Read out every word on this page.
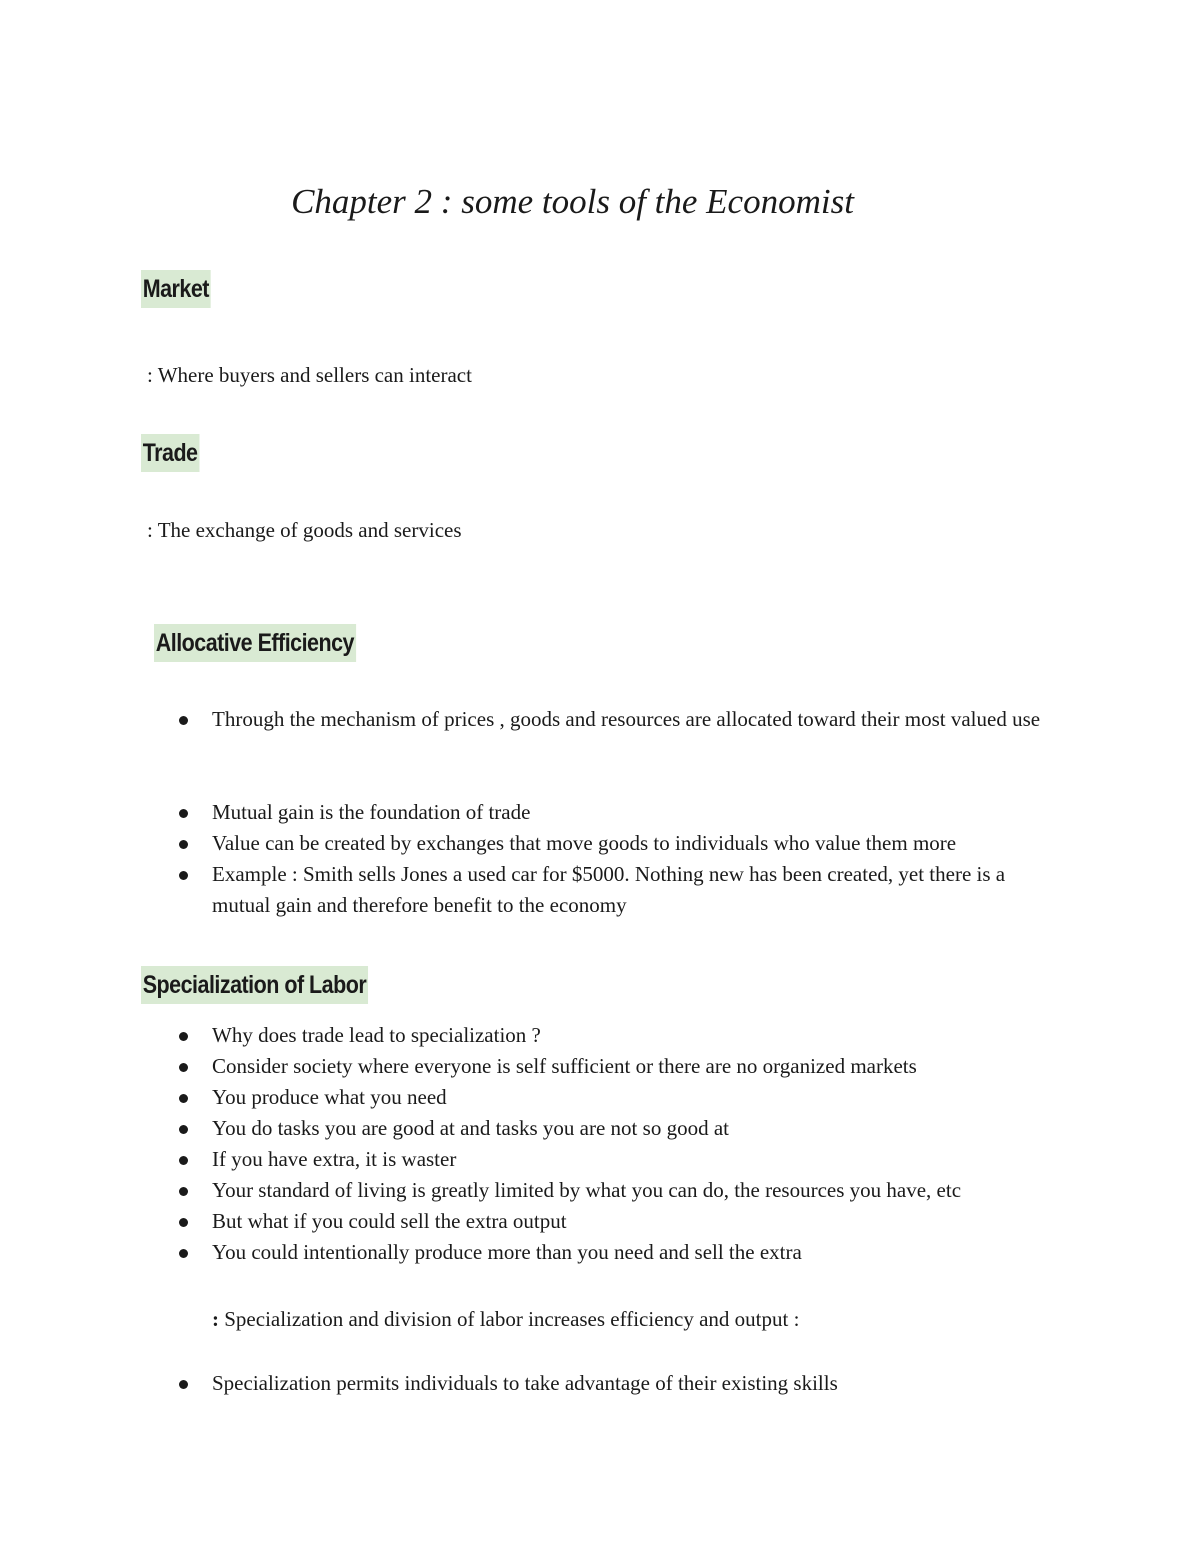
Chapter 2 : some tools of the Economist
Market
: Where buyers and sellers can interact
Trade
: The exchange of goods and services
Allocative Efficiency
Through the mechanism of prices , goods and resources are allocated toward their most valued use
Mutual gain is the foundation of trade
Value can be created by exchanges that move goods to individuals who value them more
Example : Smith sells Jones a used car for $5000. Nothing new has been created, yet there is a mutual gain and therefore benefit to the economy
Specialization of Labor
Why does trade lead to specialization ?
Consider society where everyone is self sufficient or there are no organized markets
You produce what you need
You do tasks you are good at and tasks you are not so good at
If you have extra, it is waster
Your standard of living is greatly limited by what you can do, the resources you have, etc
But what if you could sell the extra output
You could intentionally produce more than you need and sell the extra
: Specialization and division of labor increases efficiency and output :
Specialization permits individuals to take advantage of their existing skills
